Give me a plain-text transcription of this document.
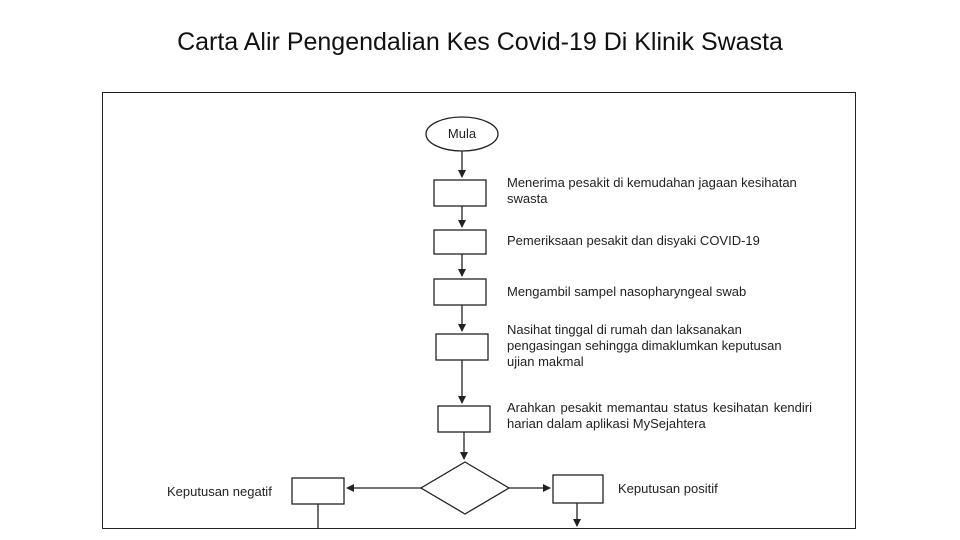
Carta Alir Pengendalian Kes Covid-19 Di Klinik Swasta
Mula
Menerima pesakit di kemudahan jagaan kesihatan swasta
Pemeriksaan pesakit dan disyaki COVID-19
Mengambil sampel nasopharyngeal swab
Nasihat tinggal di rumah dan laksanakan pengasingan sehingga dimaklumkan keputusan ujian makmal
Arahkan pesakit memantau status kesihatan kendiri harian dalam aplikasi MySejahtera
Keputusan negatif	Keputusan positif
